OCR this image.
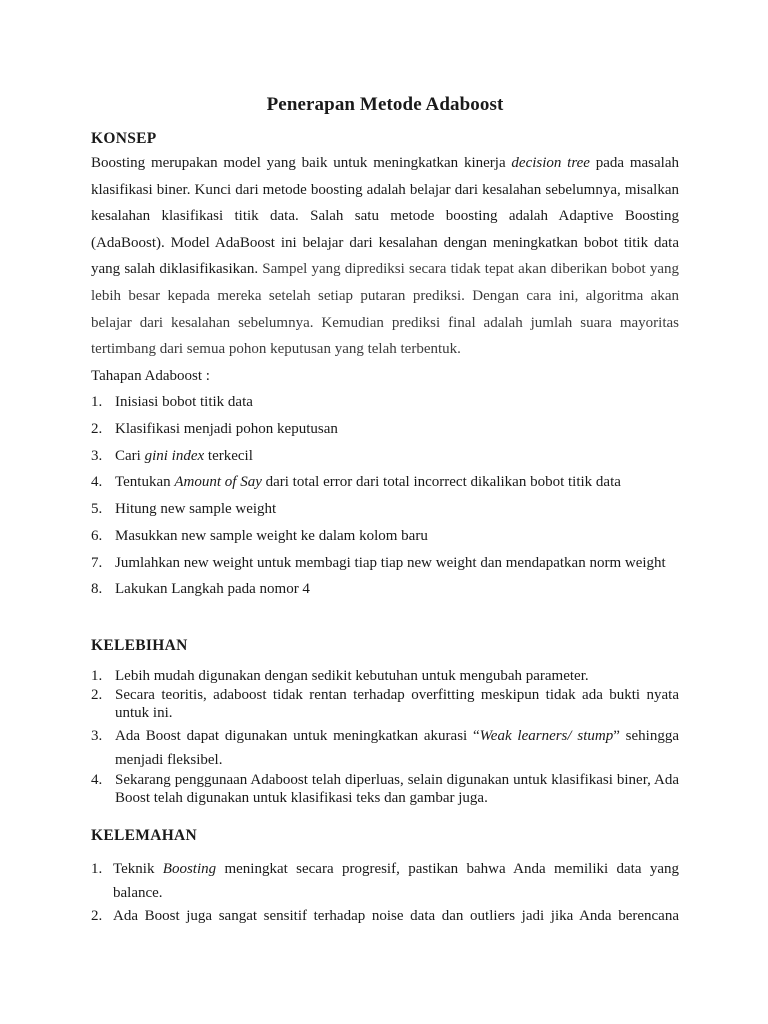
Penerapan Metode Adaboost
KONSEP

Boosting merupakan model yang baik untuk meningkatkan kinerja decision tree pada masalah klasifikasi biner. Kunci dari metode boosting adalah belajar dari kesalahan sebelumnya, misalkan kesalahan klasifikasi titik data. Salah satu metode boosting adalah Adaptive Boosting (AdaBoost). Model AdaBoost ini belajar dari kesalahan dengan meningkatkan bobot titik data yang salah diklasifikasikan. Sampel yang diprediksi secara tidak tepat akan diberikan bobot yang lebih besar kepada mereka setelah setiap putaran prediksi. Dengan cara ini, algoritma akan belajar dari kesalahan sebelumnya. Kemudian prediksi final adalah jumlah suara mayoritas tertimbang dari semua pohon keputusan yang telah terbentuk.

Tahapan Adaboost :

1. Inisiasi bobot titik data
2. Klasifikasi menjadi pohon keputusan
3. Cari gini index terkecil
4. Tentukan Amount of Say dari total error dari total incorrect dikalikan bobot titik data
5. Hitung new sample weight
6. Masukkan new sample weight ke dalam kolom baru
7. Jumlahkan new weight untuk membagi tiap tiap new weight dan mendapatkan norm weight
8. Lakukan Langkah pada nomor 4
KELEBIHAN
1. Lebih mudah digunakan dengan sedikit kebutuhan untuk mengubah parameter.
2. Secara teoritis, adaboost tidak rentan terhadap overfitting meskipun tidak ada bukti nyata untuk ini.
3. Ada Boost dapat digunakan untuk meningkatkan akurasi “Weak learners/ stump” sehingga menjadi fleksibel.
4. Sekarang penggunaan Adaboost telah diperluas, selain digunakan untuk klasifikasi biner, Ada Boost telah digunakan untuk klasifikasi teks dan gambar juga.
KELEMAHAN
1. Teknik Boosting meningkat secara progresif, pastikan bahwa Anda memiliki data yang balance.
2. Ada Boost juga sangat sensitif terhadap noise data dan outliers jadi jika Anda berencana
